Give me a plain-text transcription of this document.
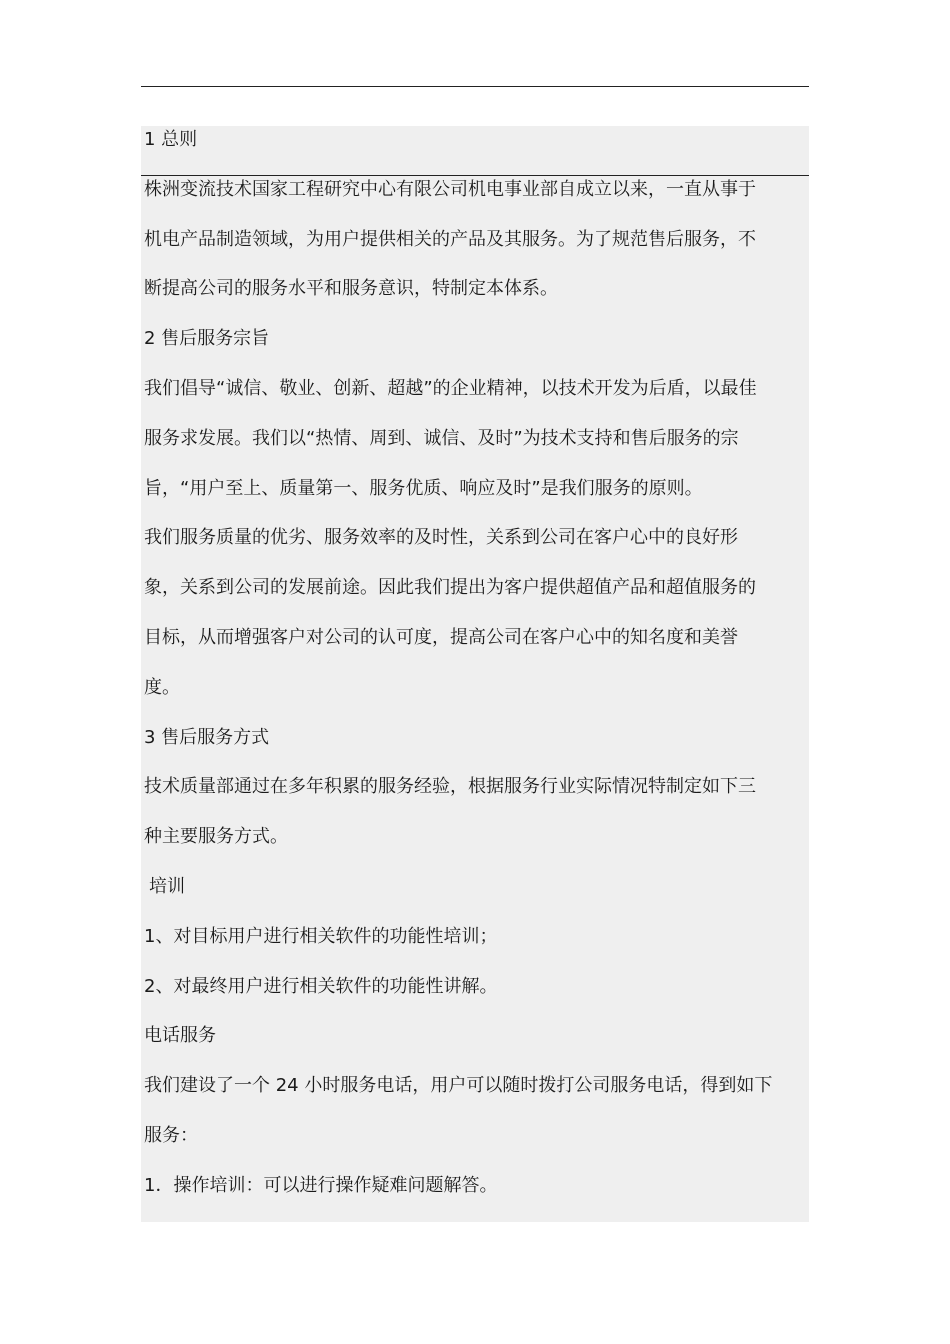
1 总则
株洲变流技术国家工程研究中心有限公司机电事业部自成立以来，一直从事于
机电产品制造领域，为用户提供相关的产品及其服务。为了规范售后服务，不
断提高公司的服务水平和服务意识，特制定本体系。
2 售后服务宗旨
我们倡导“诚信、敬业、创新、超越”的企业精神，以技术开发为后盾，以最佳
服务求发展。我们以“热情、周到、诚信、及时”为技术支持和售后服务的宗
旨，“用户至上、质量第一、服务优质、响应及时”是我们服务的原则。
我们服务质量的优劣、服务效率的及时性，关系到公司在客户心中的良好形
象，关系到公司的发展前途。因此我们提出为客户提供超值产品和超值服务的
目标，从而增强客户对公司的认可度，提高公司在客户心中的知名度和美誉
度。
3 售后服务方式
技术质量部通过在多年积累的服务经验，根据服务行业实际情况特制定如下三
种主要服务方式。
培训
1、对目标用户进行相关软件的功能性培训；
2、对最终用户进行相关软件的功能性讲解。
电话服务
我们建设了一个 24 小时服务电话，用户可以随时拨打公司服务电话，得到如下
服务：
1．操作培训：可以进行操作疑难问题解答。
